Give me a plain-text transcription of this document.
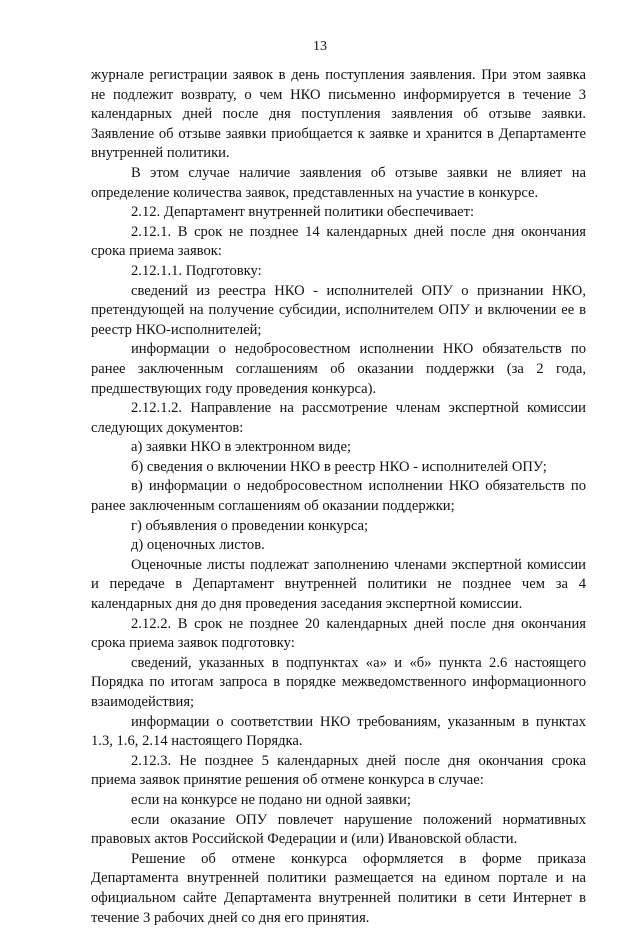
13

журнале регистрации заявок в день поступления заявления. При этом заявка не подлежит возврату, о чем НКО письменно информируется в течение 3 календарных дней после дня поступления заявления об отзыве заявки. Заявление об отзыве заявки приобщается к заявке и хранится в Департаменте внутренней политики.

В этом случае наличие заявления об отзыве заявки не влияет на определение количества заявок, представленных на участие в конкурсе.

2.12. Департамент внутренней политики обеспечивает:

2.12.1. В срок не позднее 14 календарных дней после дня окончания срока приема заявок:

2.12.1.1. Подготовку:

сведений из реестра НКО - исполнителей ОПУ о признании НКО, претендующей на получение субсидии, исполнителем ОПУ и включении ее в реестр НКО-исполнителей;

информации о недобросовестном исполнении НКО обязательств по ранее заключенным соглашениям об оказании поддержки (за 2 года, предшествующих году проведения конкурса).

2.12.1.2. Направление на рассмотрение членам экспертной комиссии следующих документов:

а) заявки НКО в электронном виде;

б) сведения о включении НКО в реестр НКО - исполнителей ОПУ;

в) информации о недобросовестном исполнении НКО обязательств по ранее заключенным соглашениям об оказании поддержки;

г) объявления о проведении конкурса;

д) оценочных листов.

Оценочные листы подлежат заполнению членами экспертной комиссии и передаче в Департамент внутренней политики не позднее чем за 4 календарных дня до дня проведения заседания экспертной комиссии.

2.12.2. В срок не позднее 20 календарных дней после дня окончания срока приема заявок подготовку:

сведений, указанных в подпунктах «а» и «б» пункта 2.6 настоящего Порядка по итогам запроса в порядке межведомственного информационного взаимодействия;

информации о соответствии НКО требованиям, указанным в пунктах 1.3, 1.6, 2.14 настоящего Порядка.

2.12.3. Не позднее 5 календарных дней после дня окончания срока приема заявок принятие решения об отмене конкурса в случае:

если на конкурсе не подано ни одной заявки;

если оказание ОПУ повлечет нарушение положений нормативных правовых актов Российской Федерации и (или) Ивановской области.

Решение об отмене конкурса оформляется в форме приказа Департамента внутренней политики размещается на едином портале и на официальном сайте Департамента внутренней политики в сети Интернет в течение 3 рабочих дней со дня его принятия.
